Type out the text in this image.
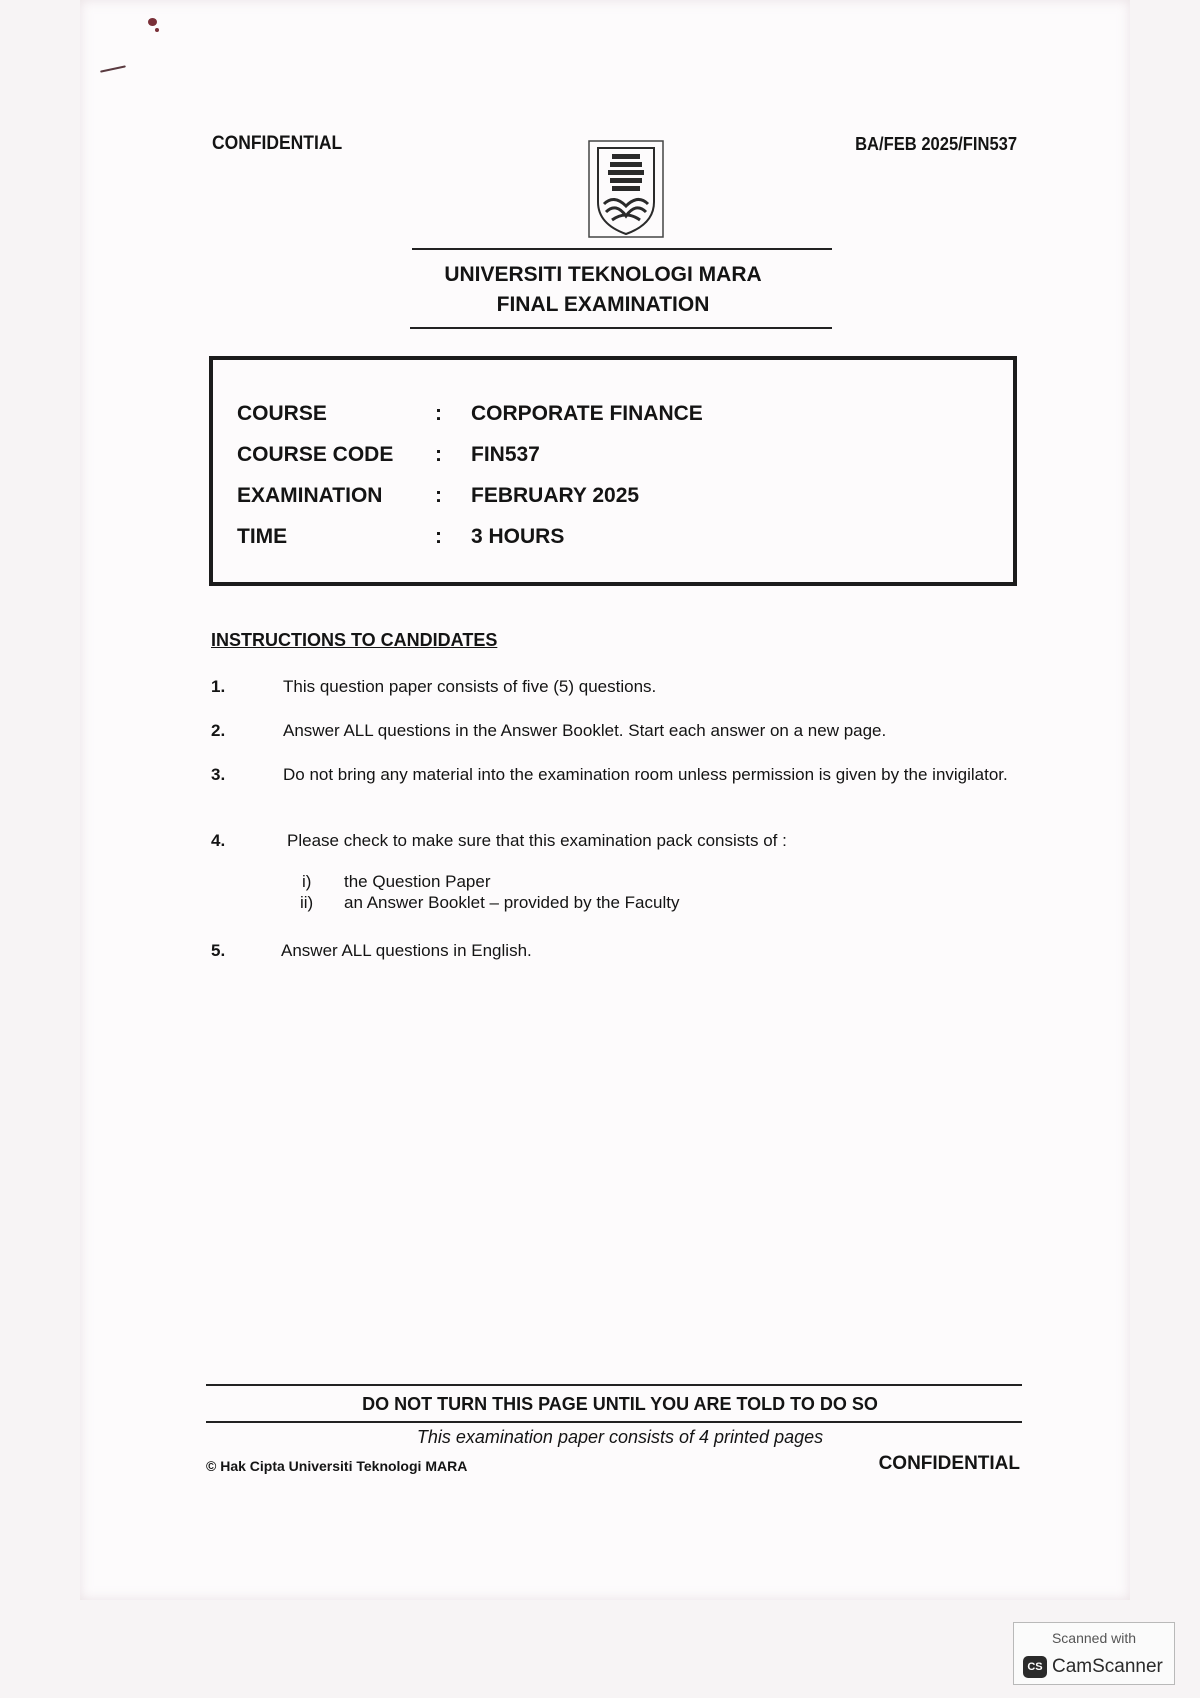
CONFIDENTIAL	BA/FEB 2025/FIN537
UNIVERSITI TEKNOLOGI MARA
FINAL EXAMINATION
COURSE	: CORPORATE FINANCE
COURSE CODE	: FIN537
EXAMINATION	: FEBRUARY 2025
TIME	: 3 HOURS
INSTRUCTIONS TO CANDIDATES
1.	This question paper consists of five (5) questions.
2.	Answer ALL questions in the Answer Booklet. Start each answer on a new page.
3.	Do not bring any material into the examination room unless permission is given by the invigilator.
4.	Please check to make sure that this examination pack consists of :
i) the Question Paper
ii) an Answer Booklet – provided by the Faculty
5.	Answer ALL questions in English.
DO NOT TURN THIS PAGE UNTIL YOU ARE TOLD TO DO SO
This examination paper consists of 4 printed pages
© Hak Cipta Universiti Teknologi MARA	CONFIDENTIAL
Scanned with
CS CamScanner
